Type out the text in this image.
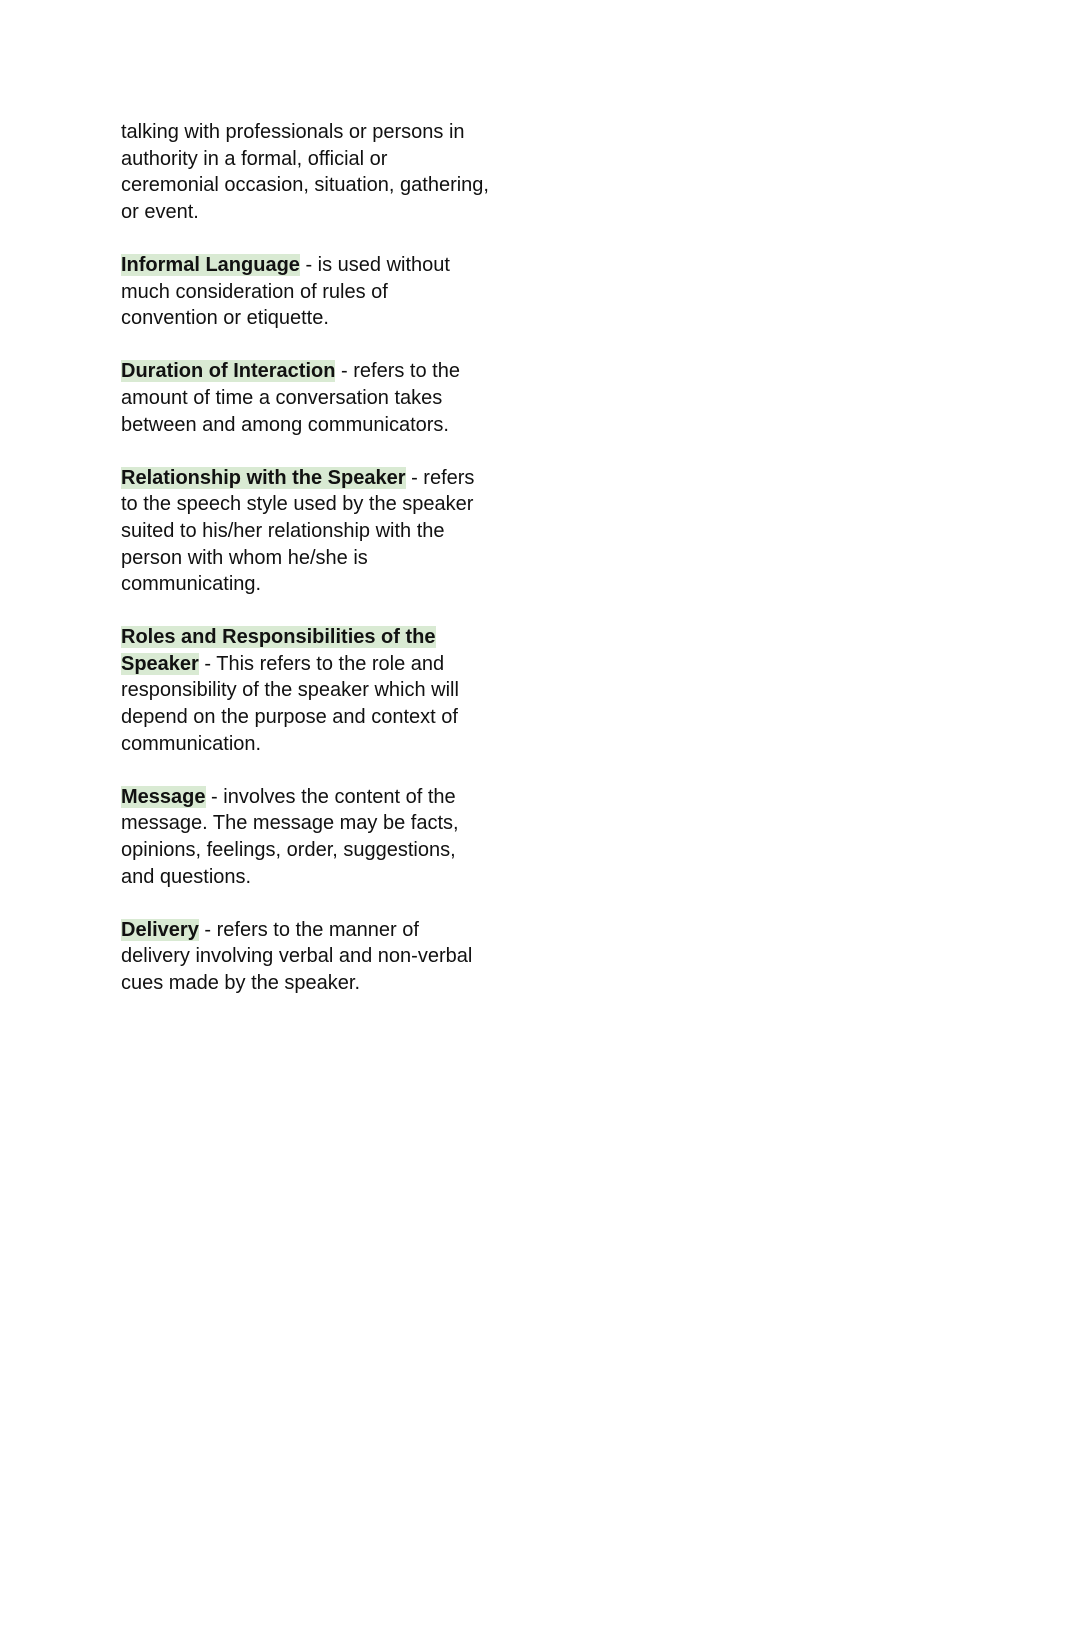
talking with professionals or persons in authority in a formal, official or ceremonial occasion, situation, gathering, or event.

Informal Language - is used without much consideration of rules of convention or etiquette.

Duration of Interaction - refers to the amount of time a conversation takes between and among communicators.

Relationship with the Speaker - refers to the speech style used by the speaker suited to his/her relationship with the person with whom he/she is communicating.

Roles and Responsibilities of the Speaker - This refers to the role and responsibility of the speaker which will depend on the purpose and context of communication.

Message - involves the content of the message. The message may be facts, opinions, feelings, order, suggestions, and questions.

Delivery - refers to the manner of delivery involving verbal and non-verbal cues made by the speaker.
